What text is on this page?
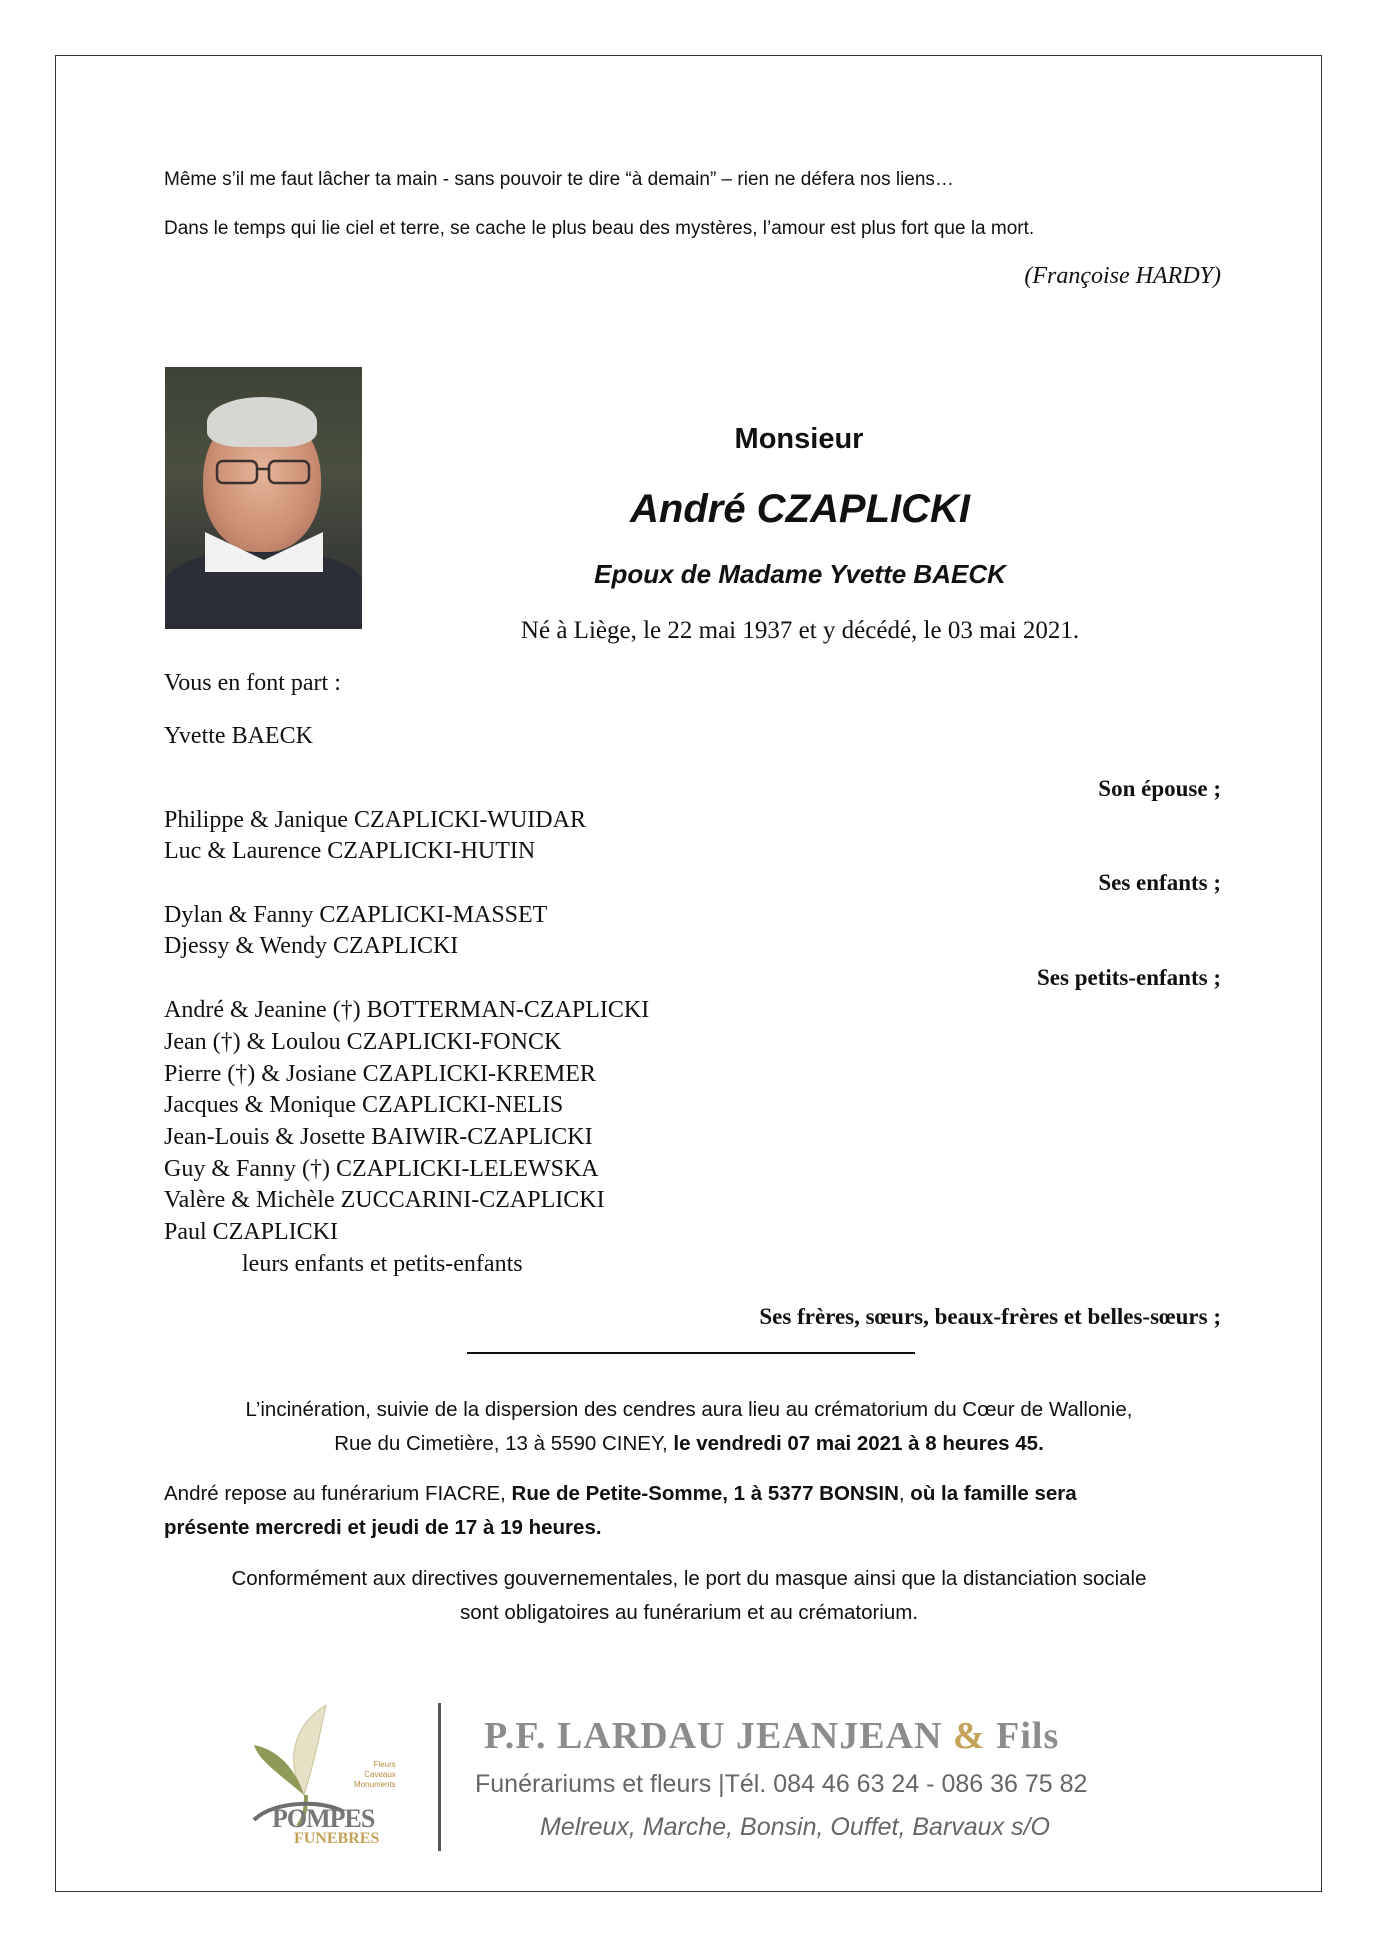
Même s’il me faut lâcher ta main - sans pouvoir te dire “à demain” – rien ne défera nos liens…
Dans le temps qui lie ciel et terre, se cache le plus beau des mystères, l’amour est plus fort que la mort.
(Françoise HARDY)
Monsieur
André CZAPLICKI
Epoux de Madame Yvette BAECK
Né à Liège, le 22 mai 1937 et y décédé, le 03 mai 2021.
Vous en font part :
Yvette BAECK
Son épouse ;
Philippe & Janique CZAPLICKI-WUIDAR
Luc & Laurence CZAPLICKI-HUTIN
Ses enfants ;
Dylan & Fanny CZAPLICKI-MASSET
Djessy & Wendy CZAPLICKI
Ses petits-enfants ;
André & Jeanine (†) BOTTERMAN-CZAPLICKI
Jean (†) & Loulou CZAPLICKI-FONCK
Pierre (†) & Josiane CZAPLICKI-KREMER
Jacques & Monique CZAPLICKI-NELIS
Jean-Louis & Josette BAIWIR-CZAPLICKI
Guy & Fanny (†) CZAPLICKI-LELEWSKA
Valère & Michèle ZUCCARINI-CZAPLICKI
Paul CZAPLICKI
leurs enfants et petits-enfants
Ses frères, sœurs, beaux-frères et belles-sœurs ;
L’incinération, suivie de la dispersion des cendres aura lieu au crématorium du Cœur de Wallonie,
Rue du Cimetière, 13 à 5590 CINEY, le vendredi 07 mai 2021 à 8 heures 45.
André repose au funérarium FIACRE, Rue de Petite-Somme, 1 à 5377 BONSIN, où la famille sera
présente mercredi et jeudi de 17 à 19 heures.
Conformément aux directives gouvernementales, le port du masque ainsi que la distanciation sociale
sont obligatoires au funérarium et au crématorium.
Fleurs
Caveaux
Monuments
POMPES
FUNEBRES
P.F. LARDAU JEANJEAN & Fils
Funérariums et fleurs |Tél. 084 46 63 24 - 086 36 75 82
Melreux, Marche, Bonsin, Ouffet, Barvaux s/O
